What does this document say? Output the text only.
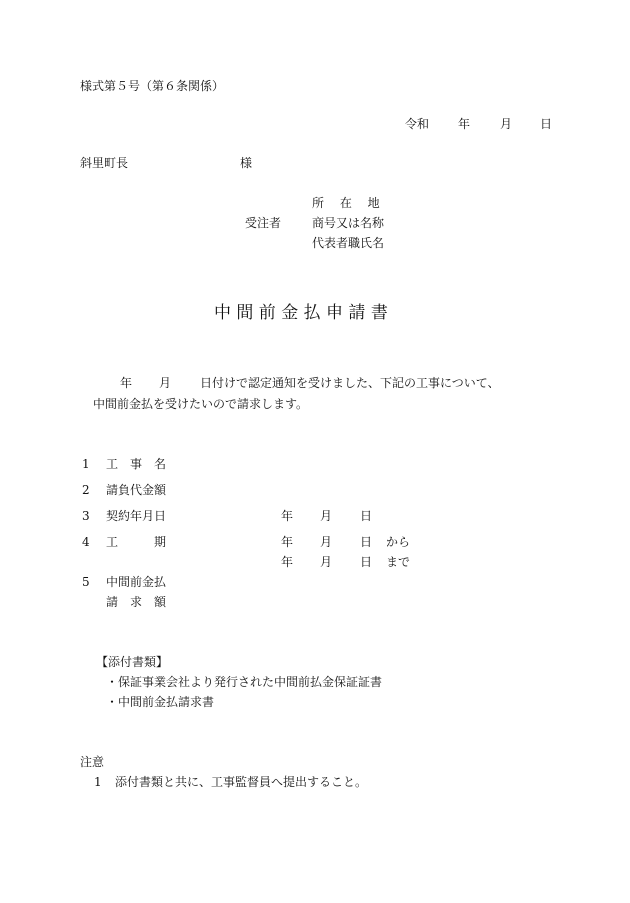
様式第５号（第６条関係）
令和 年 月 日
斜里町長	様
所　 在　 地
受注者	商号又は名称
代表者職氏名
中 間 前 金 払 申 請 書
年 月 日付けで認定通知を受けました、下記の工事について、
中間前金払を受けたいので請求します。
1 工　事　名
2 請負代金額
3 契約年月日	年 月 日
4 工　　　期	年 月 日 から
年 月 日 まで
5 中間前金払
請　求　額
【添付書類】
・保証事業会社より発行された中間前払金保証証書
・中間前金払請求書
注意
1 添付書類と共に、工事監督員へ提出すること。
